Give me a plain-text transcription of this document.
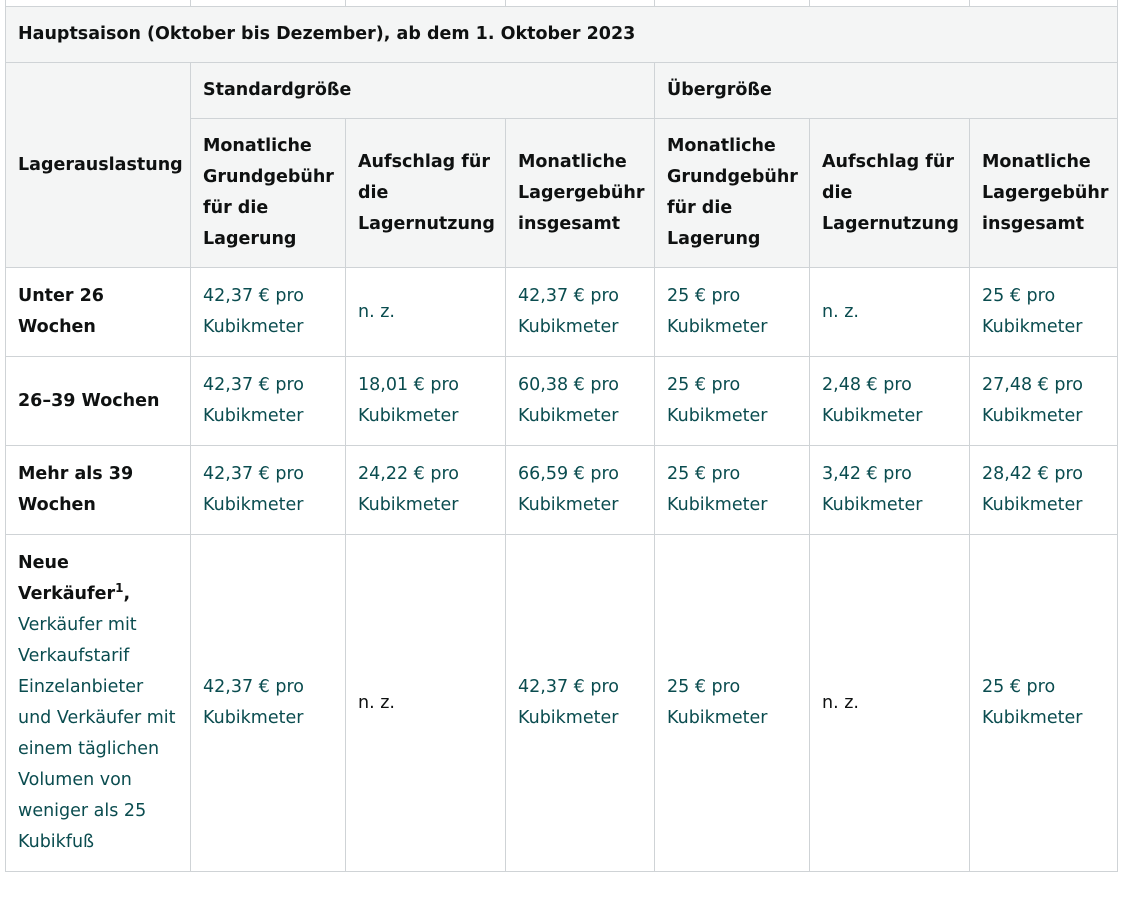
Hauptsaison (Oktober bis Dezember), ab dem 1. Oktober 2023						
Lagerauslastung	Standardgröße			Übergröße		
	Monatliche Grundgebühr für die Lagerung	Aufschlag für die Lagernutzung	Monatliche Lagergebühr insgesamt	Monatliche Grundgebühr für die Lagerung	Aufschlag für die Lagernutzung	Monatliche Lagergebühr insgesamt
Unter 26 Wochen	42,37 € pro Kubikmeter	n. z.	42,37 € pro Kubikmeter	25 € pro Kubikmeter	n. z.	25 € pro Kubikmeter
26–39 Wochen	42,37 € pro Kubikmeter	18,01 € pro Kubikmeter	60,38 € pro Kubikmeter	25 € pro Kubikmeter	2,48 € pro Kubikmeter	27,48 € pro Kubikmeter
Mehr als 39 Wochen	42,37 € pro Kubikmeter	24,22 € pro Kubikmeter	66,59 € pro Kubikmeter	25 € pro Kubikmeter	3,42 € pro Kubikmeter	28,42 € pro Kubikmeter
Neue Verkäufer$^1$, Verkäufer mit Verkaufstarif Einzelanbieter und Verkäufer mit einem täglichen Volumen von weniger als 25 Kubikfuß	42,37 € pro Kubikmeter	n. z.	42,37 € pro Kubikmeter	25 € pro Kubikmeter	n. z.	25 € pro Kubikmeter
